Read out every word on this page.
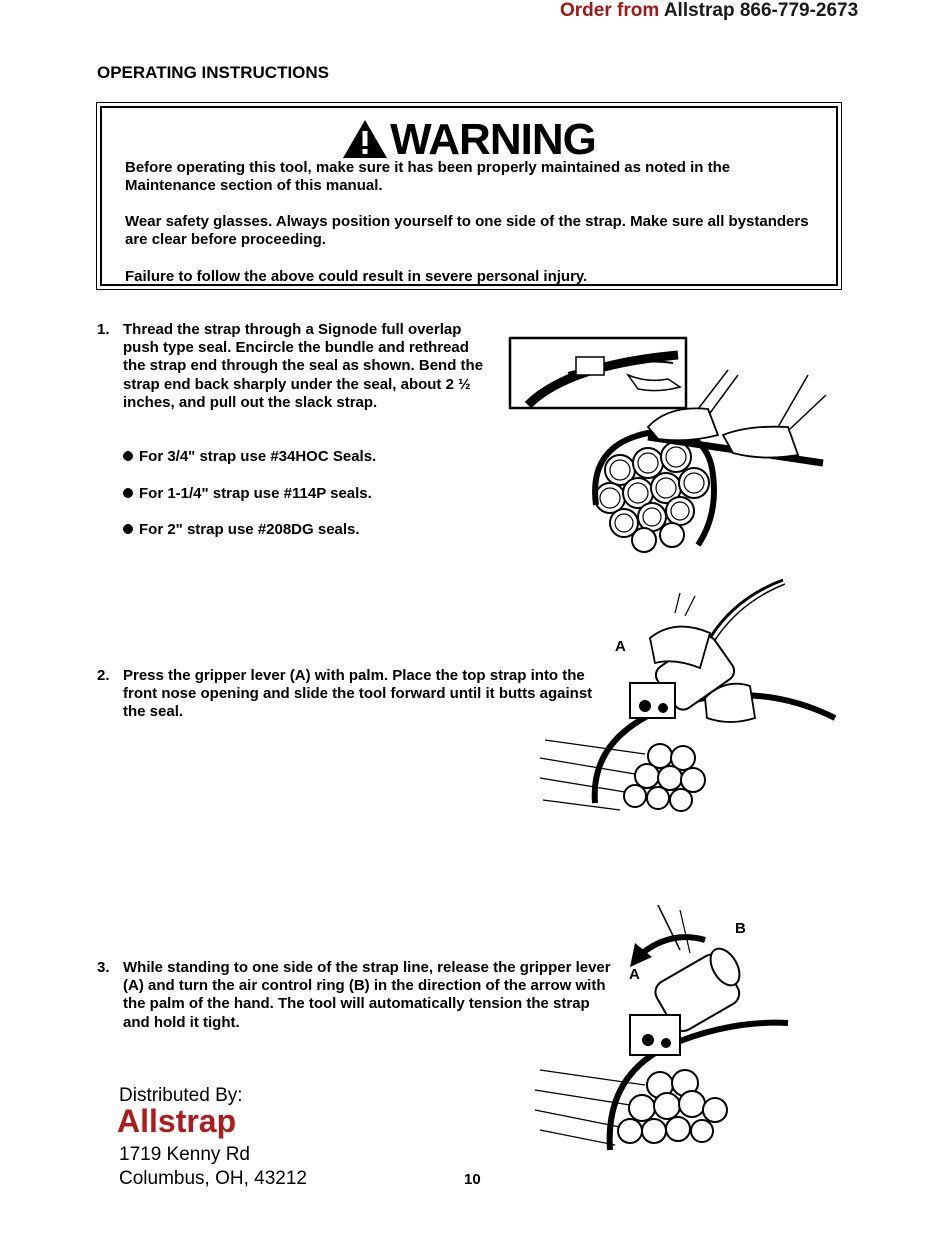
Order from Allstrap 866-779-2673
OPERATING INSTRUCTIONS
WARNING
Before operating this tool, make sure it has been properly maintained as noted in the Maintenance section of this manual.
Wear safety glasses. Always position yourself to one side of the strap. Make sure all bystanders are clear before proceeding.
Failure to follow the above could result in severe personal injury.
1. Thread the strap through a Signode full overlap push type seal. Encircle the bundle and rethread the strap end through the seal as shown. Bend the strap end back sharply under the seal, about 2 ½ inches, and pull out the slack strap.
For 3/4" strap use #34HOC Seals.
For 1-1/4" strap use #114P seals.
For 2" strap use #208DG seals.
2. Press the gripper lever (A) with palm. Place the top strap into the front nose opening and slide the tool forward until it butts against the seal.
A
3. While standing to one side of the strap line, release the gripper lever (A) and turn the air control ring (B) in the direction of the arrow with the palm of the hand. The tool will automatically tension the strap and hold it tight.
A
B
Distributed By:
Allstrap
1719 Kenny Rd
Columbus, OH, 43212	10
